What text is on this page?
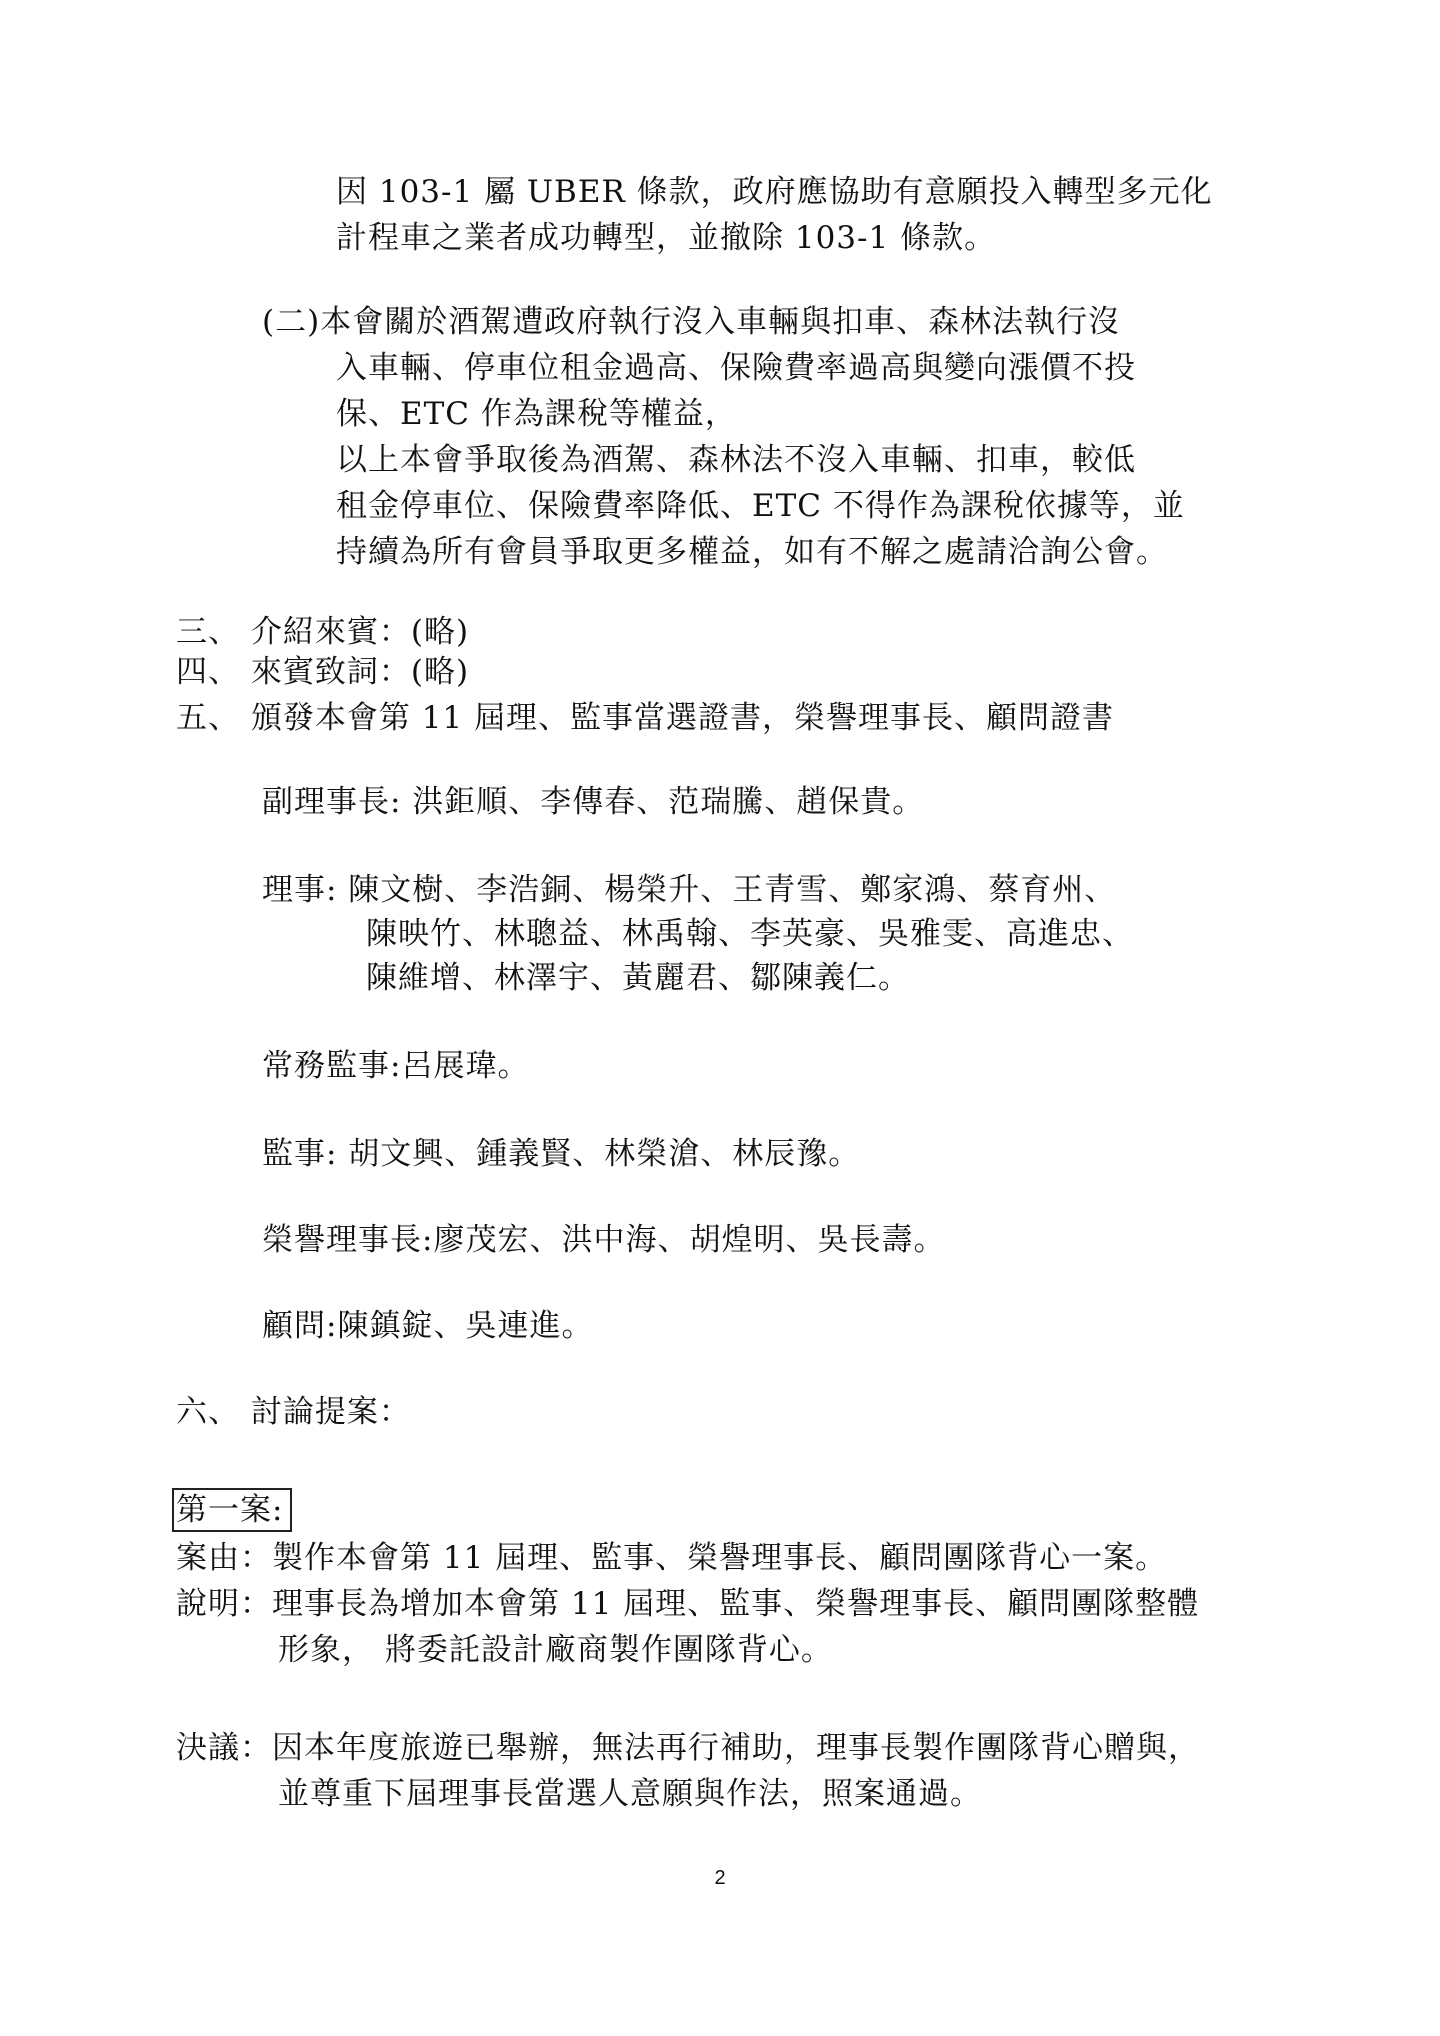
因 103-1 屬 UBER 條款，政府應協助有意願投入轉型多元化
計程車之業者成功轉型，並撤除 103-1 條款。
(二)本會關於酒駕遭政府執行沒入車輛與扣車、森林法執行沒
入車輛、停車位租金過高、保險費率過高與變向漲價不投
保、ETC 作為課稅等權益，
以上本會爭取後為酒駕、森林法不沒入車輛、扣車，較低
租金停車位、保險費率降低、ETC 不得作為課稅依據等，並
持續為所有會員爭取更多權益，如有不解之處請洽詢公會。
三、 介紹來賓：(略)
四、 來賓致詞：(略)
五、 頒發本會第 11 屆理、監事當選證書，榮譽理事長、顧問證書
副理事長: 洪鉅順、李傳春、范瑞騰、趙保貴。
理事: 陳文樹、李浩銅、楊榮升、王青雪、鄭家鴻、蔡育州、
陳映竹、林聰益、林禹翰、李英豪、吳雅雯、高進忠、
陳維增、林澤宇、黃麗君、鄒陳義仁。
常務監事:呂展瑋。
監事: 胡文興、鍾義賢、林榮滄、林辰豫。
榮譽理事長:廖茂宏、洪中海、胡煌明、吳長壽。
顧問:陳鎮錠、吳連進。
六、 討論提案：
第一案:
案由：製作本會第 11 屆理、監事、榮譽理事長、顧問團隊背心一案。
說明：理事長為增加本會第 11 屆理、監事、榮譽理事長、顧問團隊整體
形象， 將委託設計廠商製作團隊背心。
決議：因本年度旅遊已舉辦，無法再行補助，理事長製作團隊背心贈與，
並尊重下屆理事長當選人意願與作法，照案通過。
2
